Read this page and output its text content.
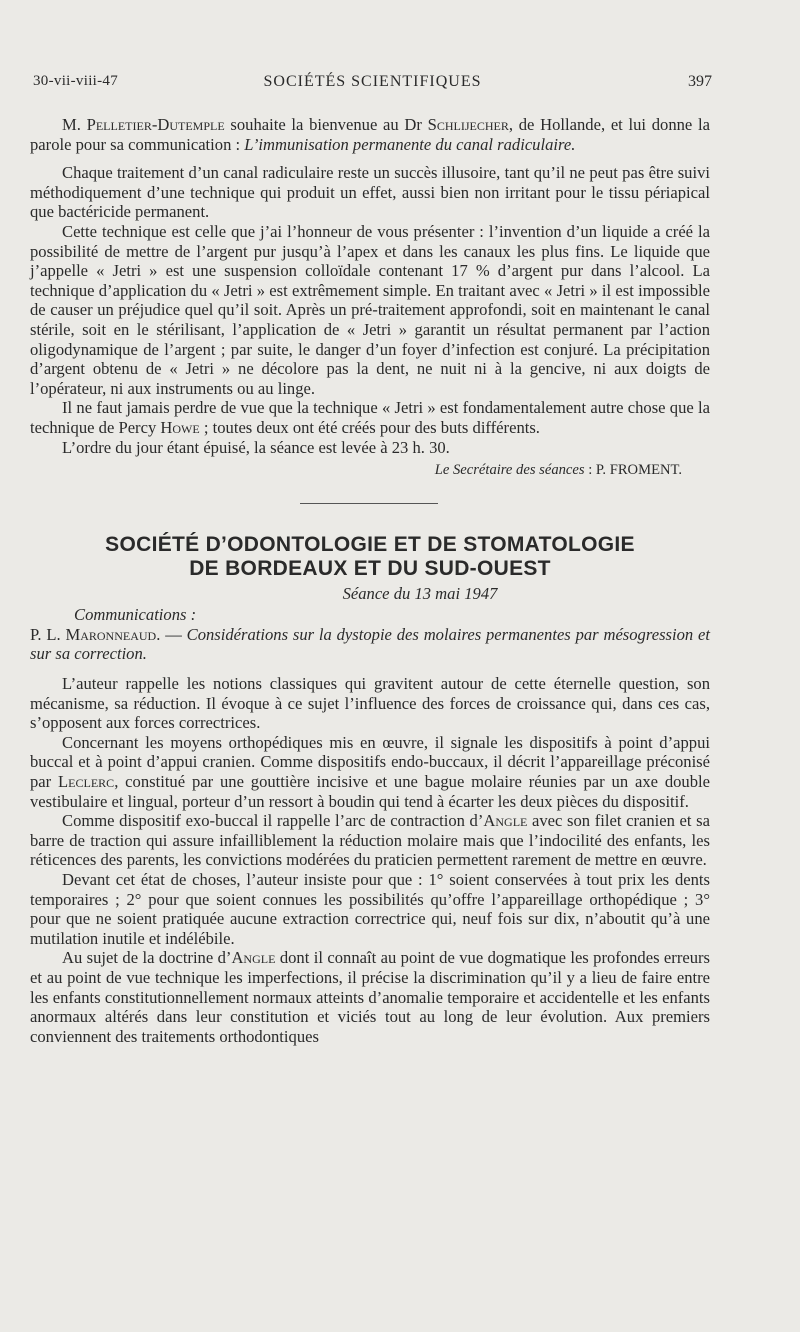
30-vii-viii-47	SOCIÉTÉS SCIENTIFIQUES	397

M. Pelletier-Dutemple souhaite la bienvenue au Dr Schlijecher, de Hollande, et lui donne la parole pour sa communication : L’immunisation permanente du canal radiculaire.

Chaque traitement d’un canal radiculaire reste un succès illusoire, tant qu’il ne peut pas être suivi méthodiquement d’une technique qui produit un effet, aussi bien non irritant pour le tissu périapical que bactéricide permanent.

Cette technique est celle que j’ai l’honneur de vous présenter : l’invention d’un liquide a créé la possibilité de mettre de l’argent pur jusqu’à l’apex et dans les canaux les plus fins. Le liquide que j’appelle « Jetri » est une suspension colloïdale contenant 17 % d’argent pur dans l’alcool. La technique d’application du « Jetri » est extrêmement simple. En traitant avec « Jetri » il est impossible de causer un préjudice quel qu’il soit. Après un pré-traitement approfondi, soit en maintenant le canal stérile, soit en le stérilisant, l’application de « Jetri » garantit un résultat permanent par l’action oligodynamique de l’argent ; par suite, le danger d’un foyer d’infection est conjuré. La précipitation d’argent obtenu de « Jetri » ne décolore pas la dent, ne nuit ni à la gencive, ni aux doigts de l’opérateur, ni aux instruments ou au linge.

Il ne faut jamais perdre de vue que la technique « Jetri » est fondamentalement autre chose que la technique de Percy Howe ; toutes deux ont été créés pour des buts différents.

L’ordre du jour étant épuisé, la séance est levée à 23 h. 30.

Le Secrétaire des séances : P. FROMENT.
SOCIÉTÉ D’ODONTOLOGIE ET DE STOMATOLOGIE
DE BORDEAUX ET DU SUD-OUEST
Séance du 13 mai 1947
Communications :

P. L. Maronneaud. — Considérations sur la dystopie des molaires permanentes par mésogression et sur sa correction.

L’auteur rappelle les notions classiques qui gravitent autour de cette éternelle question, son mécanisme, sa réduction. Il évoque à ce sujet l’influence des forces de croissance qui, dans ces cas, s’opposent aux forces correctrices.

Concernant les moyens orthopédiques mis en œuvre, il signale les dispositifs à point d’appui buccal et à point d’appui cranien. Comme dispositifs endo-buccaux, il décrit l’appareillage préconisé par Leclerc, constitué par une gouttière incisive et une bague molaire réunies par un axe double vestibulaire et lingual, porteur d’un ressort à boudin qui tend à écarter les deux pièces du dispositif.

Comme dispositif exo-buccal il rappelle l’arc de contraction d’Angle avec son filet cranien et sa barre de traction qui assure infailliblement la réduction molaire mais que l’indocilité des enfants, les réticences des parents, les convictions modérées du praticien permettent rarement de mettre en œuvre.

Devant cet état de choses, l’auteur insiste pour que : 1° soient conservées à tout prix les dents temporaires ; 2° pour que soient connues les possibilités qu’offre l’appareillage orthopédique ; 3° pour que ne soient pratiquée aucune extraction correctrice qui, neuf fois sur dix, n’aboutit qu’à une mutilation inutile et indélébile.

Au sujet de la doctrine d’Angle dont il connaît au point de vue dogmatique les profondes erreurs et au point de vue technique les imperfections, il précise la discrimination qu’il y a lieu de faire entre les enfants constitutionnellement normaux atteints d’anomalie temporaire et accidentelle et les enfants anormaux altérés dans leur constitution et viciés tout au long de leur évolution. Aux premiers conviennent des traitements orthodontiques
